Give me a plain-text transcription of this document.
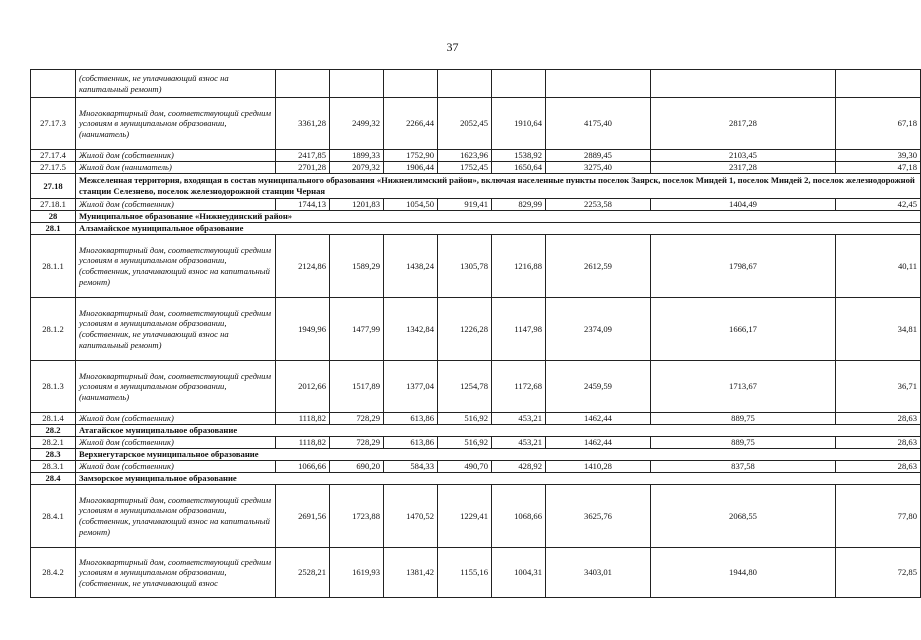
37
	(собственник, не уплачивающий взнос на капитальный ремонт)								
27.17.3	Многоквартирный дом, соответствующий средним условиям в муниципальном образовании, (наниматель)	3361,28	2499,32	2266,44	2052,45	1910,64	4175,40	2817,28	67,18
27.17.4	Жилой дом (собственник)	2417,85	1899,33	1752,90	1623,96	1538,92	2889,45	2103,45	39,30
27.17.5	Жилой дом (наниматель)	2701,28	2079,32	1906,44	1752,45	1650,64	3275,40	2317,28	47,18
27.18	Межселенная территория, входящая в состав муниципального образования «Нижнеилимский район», включая населенные пункты поселок Заярск, поселок Миндей 1, поселок Миндей 2, поселок железнодорожной станции Селезнево, поселок железнодорожной станции Черная								
27.18.1	Жилой дом (собственник)	1744,13	1201,83	1054,50	919,41	829,99	2253,58	1404,49	42,45
28	Муниципальное образование «Нижнеудинский район»								
28.1	Алзамайское муниципальное образование								
28.1.1	Многоквартирный дом, соответствующий средним условиям в муниципальном образовании, (собственник, уплачивающий взнос на капитальный ремонт)	2124,86	1589,29	1438,24	1305,78	1216,88	2612,59	1798,67	40,11
28.1.2	Многоквартирный дом, соответствующий средним условиям в муниципальном образовании, (собственник, не уплачивающий взнос на капитальный ремонт)	1949,96	1477,99	1342,84	1226,28	1147,98	2374,09	1666,17	34,81
28.1.3	Многоквартирный дом, соответствующий средним условиям в муниципальном образовании, (наниматель)	2012,66	1517,89	1377,04	1254,78	1172,68	2459,59	1713,67	36,71
28.1.4	Жилой дом (собственник)	1118,82	728,29	613,86	516,92	453,21	1462,44	889,75	28,63
28.2	Атагайское муниципальное образование								
28.2.1	Жилой дом (собственник)	1118,82	728,29	613,86	516,92	453,21	1462,44	889,75	28,63
28.3	Верхнегутарское муниципальное образование								
28.3.1	Жилой дом (собственник)	1066,66	690,20	584,33	490,70	428,92	1410,28	837,58	28,63
28.4	Замзорское муниципальное образование								
28.4.1	Многоквартирный дом, соответствующий средним условиям в муниципальном образовании, (собственник, уплачивающий взнос на капитальный ремонт)	2691,56	1723,88	1470,52	1229,41	1068,66	3625,76	2068,55	77,80
28.4.2	Многоквартирный дом, соответствующий средним условиям в муниципальном образовании, (собственник, не уплачивающий взнос	2528,21	1619,93	1381,42	1155,16	1004,31	3403,01	1944,80	72,85
